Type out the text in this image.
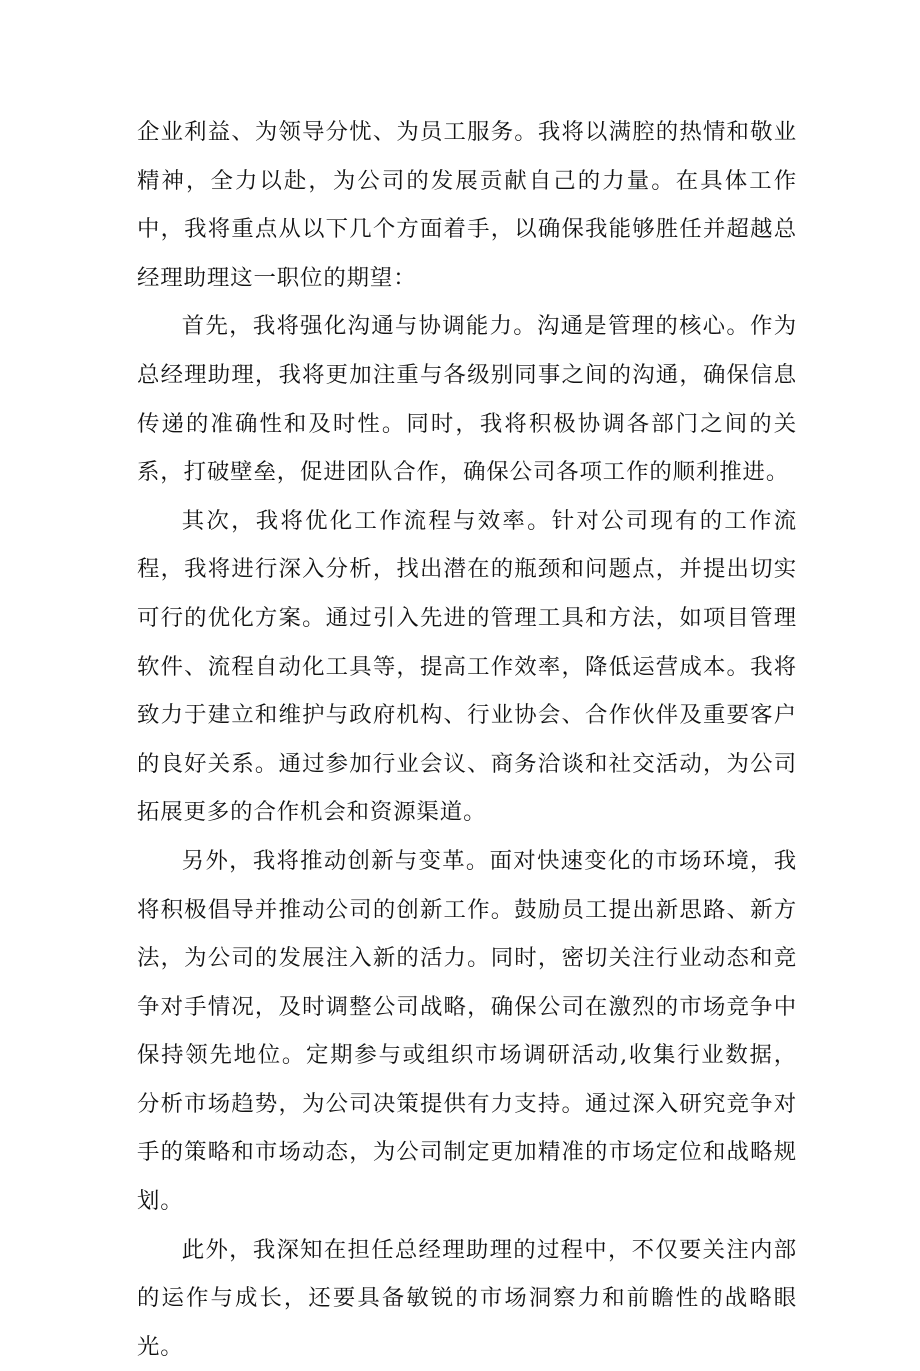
企业利益、为领导分忧、为员工服务。我将以满腔的热情和敬业精神，全力以赴，为公司的发展贡献自己的力量。在具体工作中，我将重点从以下几个方面着手，以确保我能够胜任并超越总经理助理这一职位的期望：

首先，我将强化沟通与协调能力。沟通是管理的核心。作为总经理助理，我将更加注重与各级别同事之间的沟通，确保信息传递的准确性和及时性。同时，我将积极协调各部门之间的关系，打破壁垒，促进团队合作，确保公司各项工作的顺利推进。

其次，我将优化工作流程与效率。针对公司现有的工作流程，我将进行深入分析，找出潜在的瓶颈和问题点，并提出切实可行的优化方案。通过引入先进的管理工具和方法，如项目管理软件、流程自动化工具等，提高工作效率，降低运营成本。我将致力于建立和维护与政府机构、行业协会、合作伙伴及重要客户的良好关系。通过参加行业会议、商务洽谈和社交活动，为公司拓展更多的合作机会和资源渠道。

另外，我将推动创新与变革。面对快速变化的市场环境，我将积极倡导并推动公司的创新工作。鼓励员工提出新思路、新方法，为公司的发展注入新的活力。同时，密切关注行业动态和竞争对手情况，及时调整公司战略，确保公司在激烈的市场竞争中保持领先地位。定期参与或组织市场调研活动,收集行业数据，分析市场趋势，为公司决策提供有力支持。通过深入研究竞争对手的策略和市场动态，为公司制定更加精准的市场定位和战略规划。

此外，我深知在担任总经理助理的过程中，不仅要关注内部的运作与成长，还要具备敏锐的市场洞察力和前瞻性的战略眼光。
